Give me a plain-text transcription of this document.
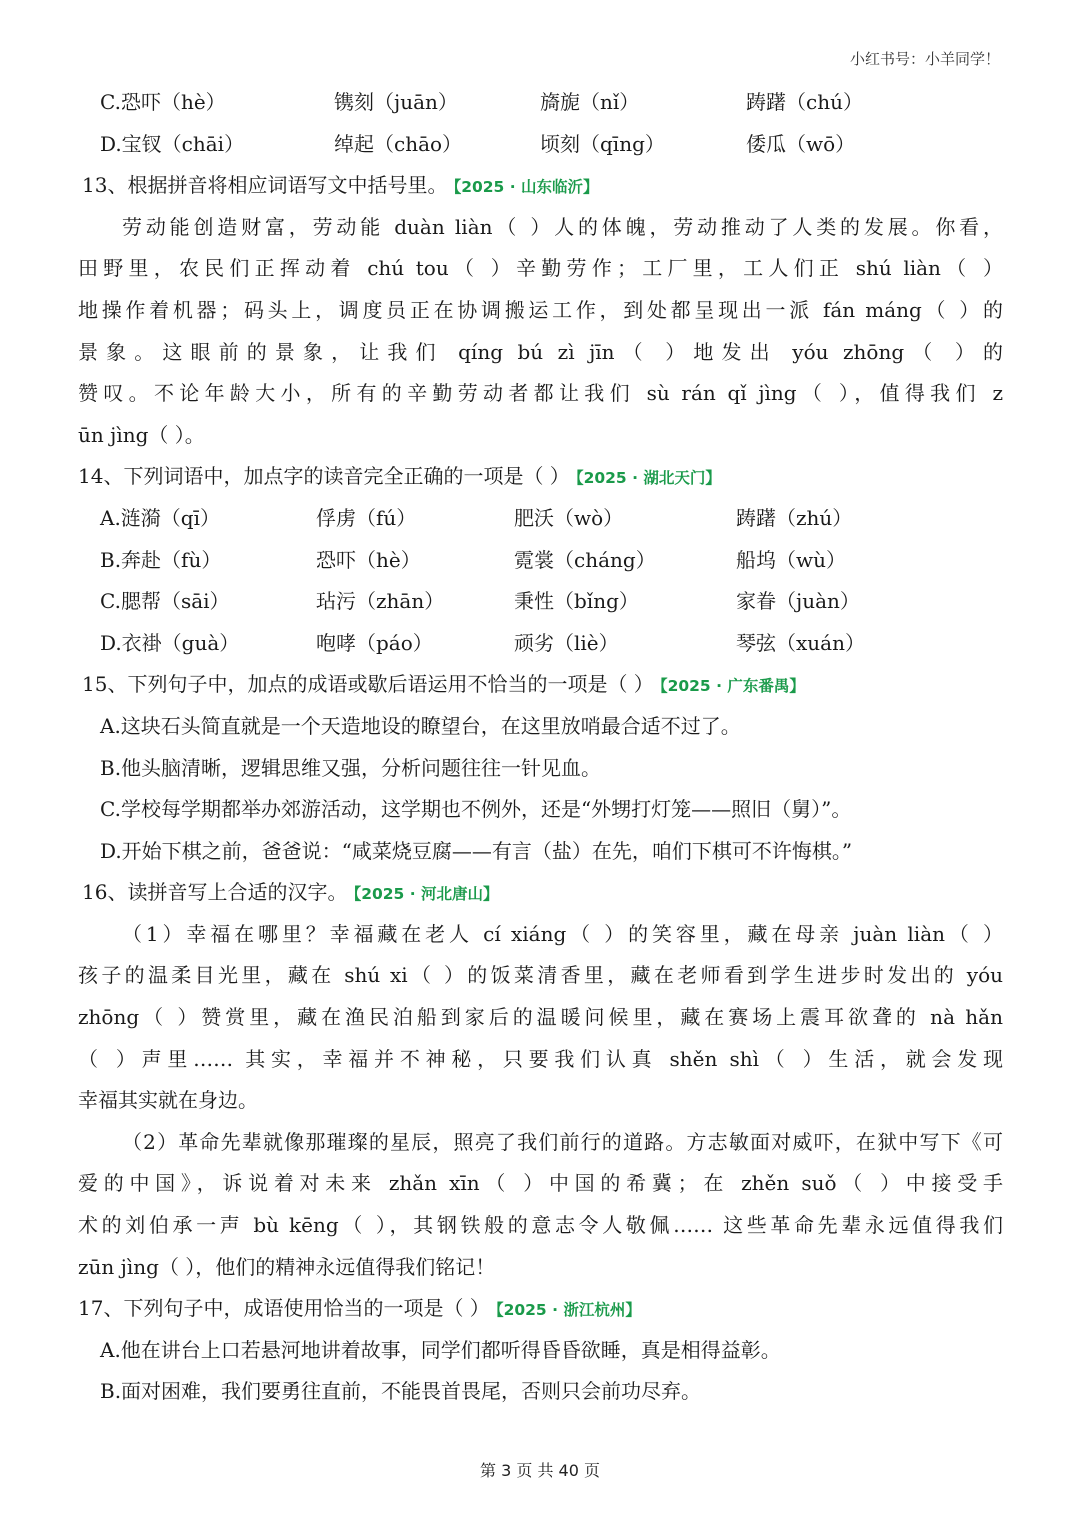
小红书号：小羊同学！
C.恐吓（hè）	镌刻（juān）	旖旎（nǐ）	踌躇（chú）
D.宝钗（chāi）	绰起（chāo）	顷刻（qīng）	倭瓜（wō）
13、根据拼音将相应词语写文中括号里。 【2025 · 山东临沂】
劳动能创造财富，劳动能 duàn liàn（ ）人的体魄，劳动推动了人类的发展。你看，
田野里，农民们正挥动着 chú tou（ ）辛勤劳作；工厂里，工人们正 shú liàn（ ）
地操作着机器；码头上，调度员正在协调搬运工作，到处都呈现出一派 fán máng（ ）的
景象。这眼前的景象，让我们 qíng bú zì jīn（ ）地发出 yóu zhōng（ ）的
赞叹。不论年龄大小，所有的辛勤劳动者都让我们 sù rán qǐ jìng（ ），值得我们 z
ūn jìng（ ）。
14、下列词语中，加点字的读音完全正确的一项是（ ） 【2025 · 湖北天门】
A.涟漪（qī）	俘虏（fú）	肥沃（wò）	踌躇（zhú）
B.奔赴（fù）	恐吓（hè）	霓裳（cháng）	船坞（wù）
C.腮帮（sāi）	玷污（zhān）	秉性（bǐng）	家眷（juàn）
D.衣褂（guà）	咆哮（páo）	顽劣（liè）	琴弦（xuán）
15、下列句子中，加点的成语或歇后语运用不恰当的一项是（ ） 【2025 · 广东番禺】
A.这块石头简直就是一个天造地设的瞭望台，在这里放哨最合适不过了。
B.他头脑清晰，逻辑思维又强，分析问题往往一针见血。
C.学校每学期都举办郊游活动，这学期也不例外，还是“外甥打灯笼——照旧（舅）”。
D.开始下棋之前，爸爸说：“咸菜烧豆腐——有言（盐）在先，咱们下棋可不许悔棋。”
16、读拼音写上合适的汉字。 【2025 · 河北唐山】
（1）幸福在哪里？幸福藏在老人 cí xiáng（ ）的笑容里，藏在母亲 juàn liàn（ ）
孩子的温柔目光里，藏在 shú xi（ ）的饭菜清香里，藏在老师看到学生进步时发出的 yóu
zhōng（ ）赞赏里，藏在渔民泊船到家后的温暖问候里，藏在赛场上震耳欲聋的 nà hǎn
（ ）声里…… 其实，幸福并不神秘，只要我们认真 shěn shì（ ）生活，就会发现
幸福其实就在身边。
（2）革命先辈就像那璀璨的星辰，照亮了我们前行的道路。方志敏面对威吓，在狱中写下《可
爱的中国》，诉说着对未来 zhǎn xīn（ ）中国的希冀；在 zhěn suǒ（ ）中接受手
术的刘伯承一声 bù kēng（ ），其钢铁般的意志令人敬佩…… 这些革命先辈永远值得我们
zūn jìng（ ），他们的精神永远值得我们铭记！
17、下列句子中，成语使用恰当的一项是（ ） 【2025 · 浙江杭州】
A.他在讲台上口若悬河地讲着故事，同学们都听得昏昏欲睡，真是相得益彰。
B.面对困难，我们要勇往直前，不能畏首畏尾，否则只会前功尽弃。
第 3 页 共 40 页
